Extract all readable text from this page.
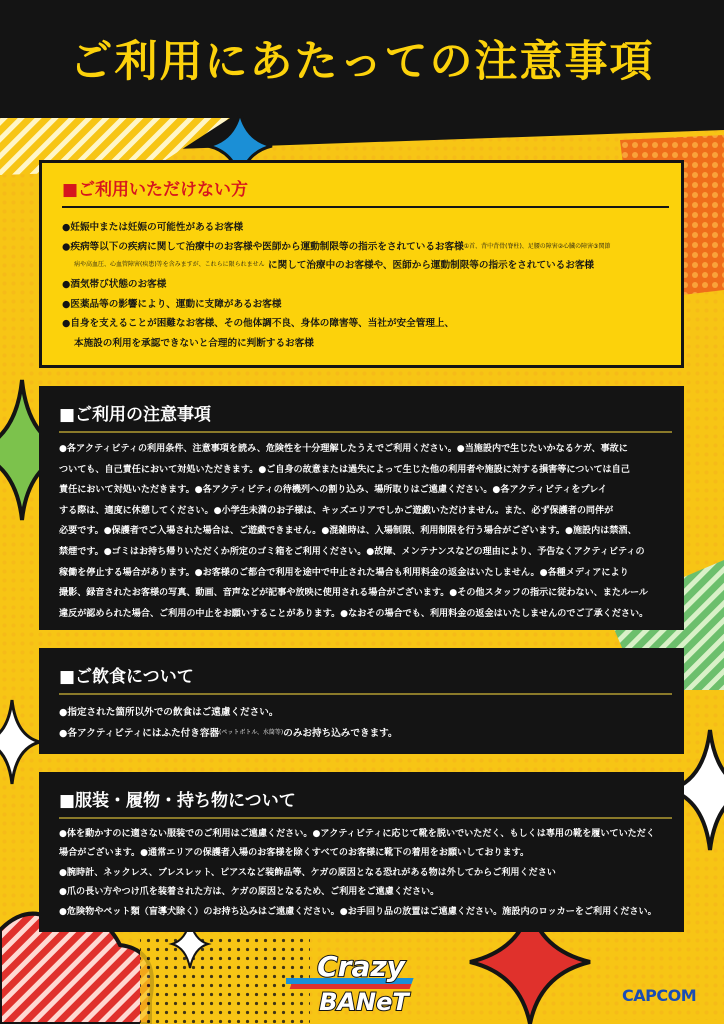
ご利用にあたっての注意事項
■ご利用いただけない方

●妊娠中または妊娠の可能性があるお客様

●疾病等以下の疾病に関して治療中のお客様や医師から運動制限等の指示をされているお客様①首、背中背骨(脊柱)、足腰の障害②心臓の障害③関節

病や高血圧、心血管障害(疾患)等を含みますが、これらに限られません に関して治療中のお客様や、医師から運動制限等の指示をされているお客様

●酒気帯び状態のお客様

●医薬品等の影響により、運動に支障があるお客様

●自身を支えることが困難なお客様、その他体調不良、身体の障害等、当社が安全管理上、

本施設の利用を承認できないと合理的に判断するお客様

■ご利用の注意事項

●各アクティビティの利用条件、注意事項を読み、危険性を十分理解したうえでご利用ください。●当施設内で生じたいかなるケガ、事故に

ついても、自己責任において対処いただきます。●ご自身の故意または過失によって生じた他の利用者や施設に対する損害等については自己

責任において対処いただきます。●各アクティビティの待機列への割り込み、場所取りはご遠慮ください。●各アクティビティをプレイ

する際は、適度に休憩してください。●小学生未満のお子様は、キッズエリアでしかご遊戯いただけません。また、必ず保護者の同伴が

必要です。●保護者でご入場された場合は、ご遊戯できません。●混雑時は、入場制限、利用制限を行う場合がございます。●施設内は禁酒、

禁煙です。●ゴミはお持ち帰りいただくか所定のゴミ箱をご利用ください。●故障、メンテナンスなどの理由により、予告なくアクティビティの

稼働を停止する場合があります。●お客様のご都合で利用を途中で中止された場合も利用料金の返金はいたしません。●各種メディアにより

撮影、録音されたお客様の写真、動画、音声などが記事や放映に使用される場合がございます。●その他スタッフの指示に従わない、またルール

違反が認められた場合、ご利用の中止をお願いすることがあります。●なおその場合でも、利用料金の返金はいたしませんのでご了承ください。

■ご飲食について

●指定された箇所以外での飲食はご遠慮ください。

●各アクティビティにはふた付き容器(ペットボトル、水筒等)のみお持ち込みできます。

■服装・履物・持ち物について

●体を動かすのに適さない服装でのご利用はご遠慮ください。●アクティビティに応じて靴を脱いでいただく、もしくは専用の靴を履いていただく

場合がございます。●通常エリアの保護者入場のお客様を除くすべてのお客様に靴下の着用をお願いしております。

●腕時計、ネックレス、ブレスレット、ピアスなど装飾品等、ケガの原因となる恐れがある物は外してからご利用ください

●爪の長い方やつけ爪を装着された方は、ケガの原因となるため、ご利用をご遠慮ください。

●危険物やペット類（盲導犬除く）のお持ち込みはご遠慮ください。●お手回り品の放置はご遠慮ください。施設内のロッカーをご利用ください。

Crazy
BANeT	CAPCOM
